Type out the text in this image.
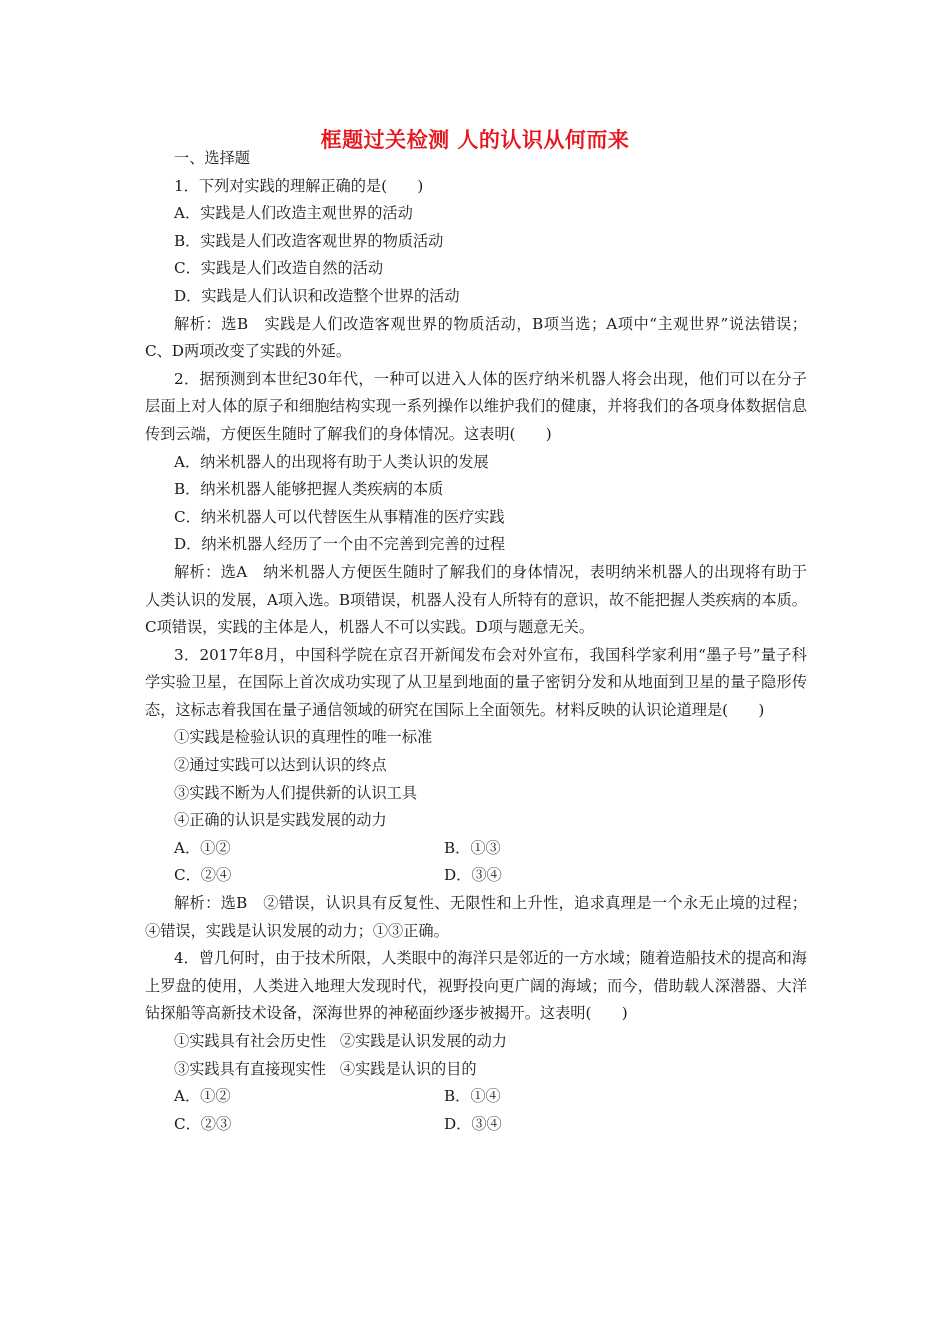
框题过关检测 人的认识从何而来
一、选择题
1．下列对实践的理解正确的是(　　)
A．实践是人们改造主观世界的活动
B．实践是人们改造客观世界的物质活动
C．实践是人们改造自然的活动
D．实践是人们认识和改造整个世界的活动
解析：选B　实践是人们改造客观世界的物质活动，B项当选；A项中“主观世界”说法错误；C、D两项改变了实践的外延。
2．据预测到本世纪30年代，一种可以进入人体的医疗纳米机器人将会出现，他们可以在分子层面上对人体的原子和细胞结构实现一系列操作以维护我们的健康，并将我们的各项身体数据信息传到云端，方便医生随时了解我们的身体情况。这表明(　　)
A．纳米机器人的出现将有助于人类认识的发展
B．纳米机器人能够把握人类疾病的本质
C．纳米机器人可以代替医生从事精准的医疗实践
D．纳米机器人经历了一个由不完善到完善的过程
解析：选A　纳米机器人方便医生随时了解我们的身体情况，表明纳米机器人的出现将有助于人类认识的发展，A项入选。B项错误，机器人没有人所特有的意识，故不能把握人类疾病的本质。C项错误，实践的主体是人，机器人不可以实践。D项与题意无关。
3．2017年8月，中国科学院在京召开新闻发布会对外宣布，我国科学家利用“墨子号”量子科学实验卫星，在国际上首次成功实现了从卫星到地面的量子密钥分发和从地面到卫星的量子隐形传态，这标志着我国在量子通信领域的研究在国际上全面领先。材料反映的认识论道理是(　　)
①实践是检验认识的真理性的唯一标准
②通过实践可以达到认识的终点
③实践不断为人们提供新的认识工具
④正确的认识是实践发展的动力
A．①②	B．①③
C．②④	D．③④
解析：选B　②错误，认识具有反复性、无限性和上升性，追求真理是一个永无止境的过程；④错误，实践是认识发展的动力；①③正确。
4．曾几何时，由于技术所限，人类眼中的海洋只是邻近的一方水域；随着造船技术的提高和海上罗盘的使用，人类进入地理大发现时代，视野投向更广阔的海域；而今，借助载人深潜器、大洋钻探船等高新技术设备，深海世界的神秘面纱逐步被揭开。这表明(　　)
①实践具有社会历史性 ②实践是认识发展的动力
③实践具有直接现实性 ④实践是认识的目的
A．①②	B．①④
C．②③	D．③④
